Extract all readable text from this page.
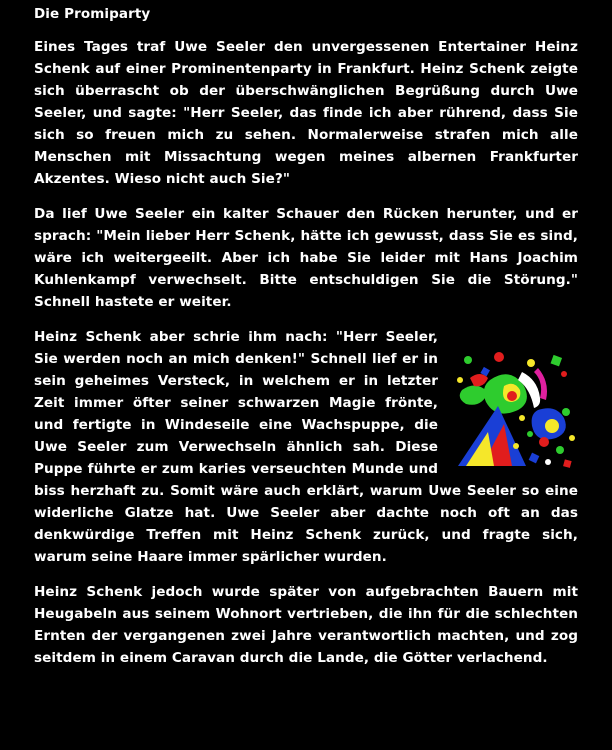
Die Promiparty

Eines Tages traf Uwe Seeler den unvergessenen Entertainer Heinz Schenk auf einer Prominentenparty in Frankfurt. Heinz Schenk zeigte sich überrascht ob der überschwänglichen Begrüßung durch Uwe Seeler, und sagte: "Herr Seeler, das finde ich aber rührend, dass Sie sich so freuen mich zu sehen. Normalerweise strafen mich alle Menschen mit Missachtung wegen meines albernen Frankfurter Akzentes. Wieso nicht auch Sie?"

Da lief Uwe Seeler ein kalter Schauer den Rücken herunter, und er sprach: "Mein lieber Herr Schenk, hätte ich gewusst, dass Sie es sind, wäre ich weitergeeilt. Aber ich habe Sie leider mit Hans Joachim Kuhlenkampf verwechselt. Bitte entschuldigen Sie die Störung." Schnell hastete er weiter.

Heinz Schenk aber schrie ihm nach: "Herr Seeler, Sie werden noch an mich denken!" Schnell lief er in sein geheimes Versteck, in welchem er in letzter Zeit immer öfter seiner schwarzen Magie frönte, und fertigte in Windeseile eine Wachspuppe, die Uwe Seeler zum Verwechseln ähnlich sah. Diese Puppe führte er zum karies verseuchten Munde und biss herzhaft zu. Somit wäre auch erklärt, warum Uwe Seeler so eine widerliche Glatze hat. Uwe Seeler aber dachte noch oft an das denkwürdige Treffen mit Heinz Schenk zurück, und fragte sich, warum seine Haare immer spärlicher wurden.

Heinz Schenk jedoch wurde später von aufgebrachten Bauern mit Heugabeln aus seinem Wohnort vertrieben, die ihn für die schlechten Ernten der vergangenen zwei Jahre verantwortlich machten, und zog seitdem in einem Caravan durch die Lande, die Götter verlachend.
